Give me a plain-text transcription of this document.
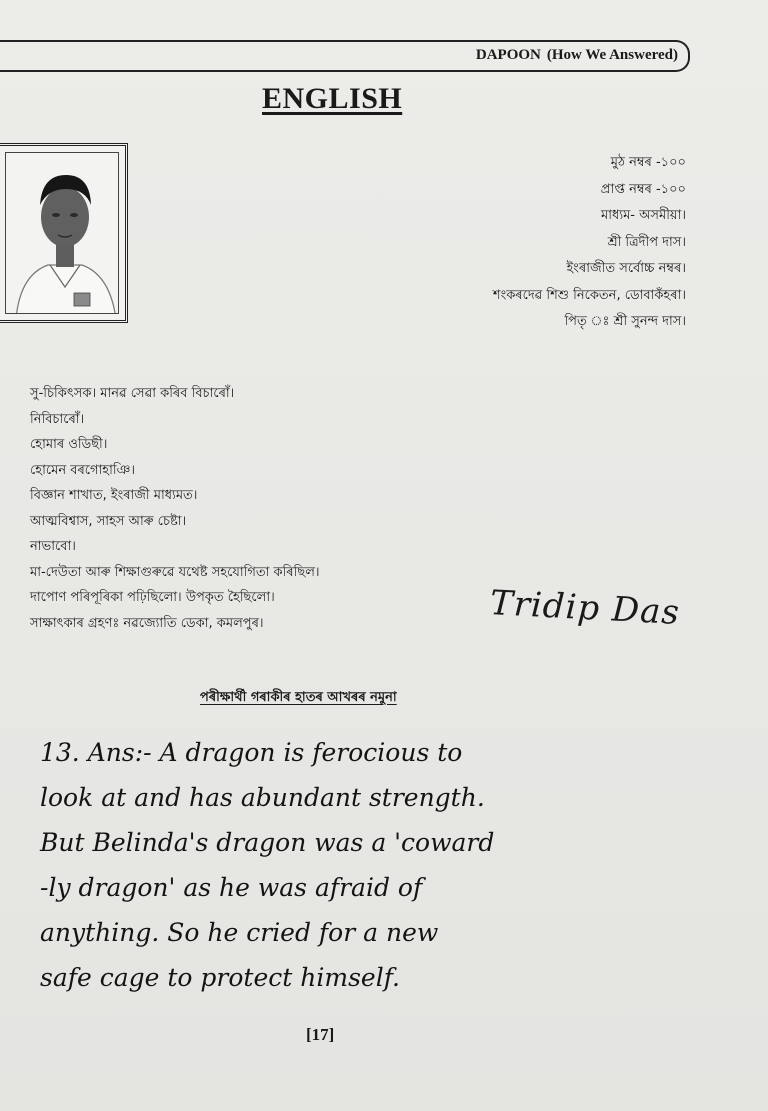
DAPOON (How We Answered)
ENGLISH
মুঠ নম্বৰ -১০০
প্ৰাপ্ত নম্বৰ -১০০
মাধ্যম- অসমীয়া।
শ্ৰী ত্ৰিদীপ দাস।
ইংৰাজীত সৰ্বোচ্চ নম্বৰ।
শংকৰদেৱ শিশু নিকেতন, ডোবাকঁহৰা।
পিতৃ ঃ শ্ৰী সুনন্দ দাস।
সু-চিকিৎসক। মানৱ সেৱা কৰিব বিচাৰোঁ।
নিবিচাৰোঁ।
হোমাৰ ওডিছী।
হোমেন বৰগোহাঞি।
বিজ্ঞান শাখাত, ইংৰাজী মাধ্যমত।
আত্মবিশ্বাস, সাহস আৰু চেষ্টা।
নাভাবো।
মা-দেউতা আৰু শিক্ষাগুৰুৱে যথেষ্ট সহযোগিতা কৰিছিল।
দাপোণ পৰিপূৰিকা পঢ়িছিলো। উপকৃত হৈছিলো।
সাক্ষাৎকাৰ গ্ৰহণঃ নৱজ্যোতি ডেকা, কমলপুৰ।	Tridip Das
পৰীক্ষাৰ্থী গৰাকীৰ হাতৰ আখৰৰ নমুনা
13. Ans:- A dragon is ferocious to
look at and has abundant strength.
But Belinda's dragon was a 'coward
-ly dragon' as he was afraid of
anything. So he cried for a new
safe cage to protect himself.
[17]
